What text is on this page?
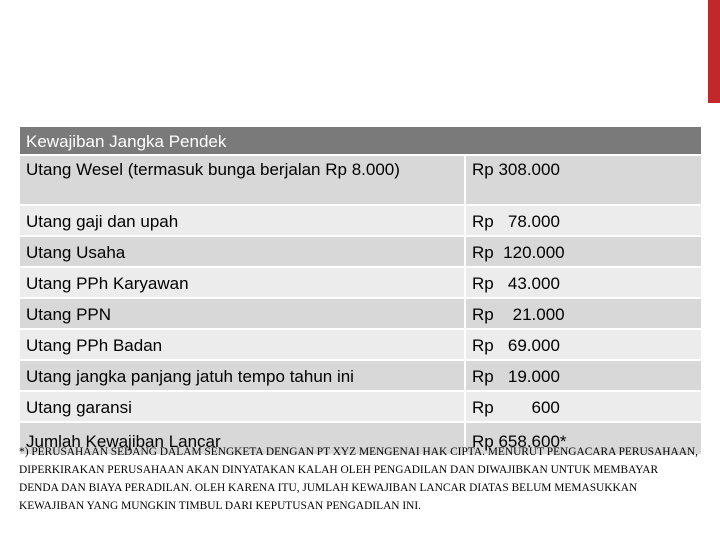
Kewajiban Jangka Pendek
Utang Wesel (termasuk bunga berjalan Rp 8.000)	Rp 308.000
Utang gaji dan upah	Rp   78.000
Utang Usaha	Rp  120.000
Utang PPh Karyawan	Rp   43.000
Utang PPN	Rp    21.000
Utang PPh Badan	Rp   69.000
Utang jangka panjang jatuh tempo tahun ini	Rp   19.000
Utang garansi	Rp        600
Jumlah Kewajiban Lancar	Rp 658.600*
*) PERUSAHAAN SEDANG DALAM SENGKETA DENGAN PT XYZ MENGENAI HAK CIPTA. MENURUT PENGACARA PERUSAHAAN, DIPERKIRAKAN PERUSAHAAN AKAN DINYATAKAN KALAH OLEH PENGADILAN DAN DIWAJIBKAN UNTUK MEMBAYAR DENDA DAN BIAYA PERADILAN. OLEH KARENA ITU, JUMLAH KEWAJIBAN LANCAR DIATAS BELUM MEMASUKKAN KEWAJIBAN YANG MUNGKIN TIMBUL DARI KEPUTUSAN PENGADILAN INI.
